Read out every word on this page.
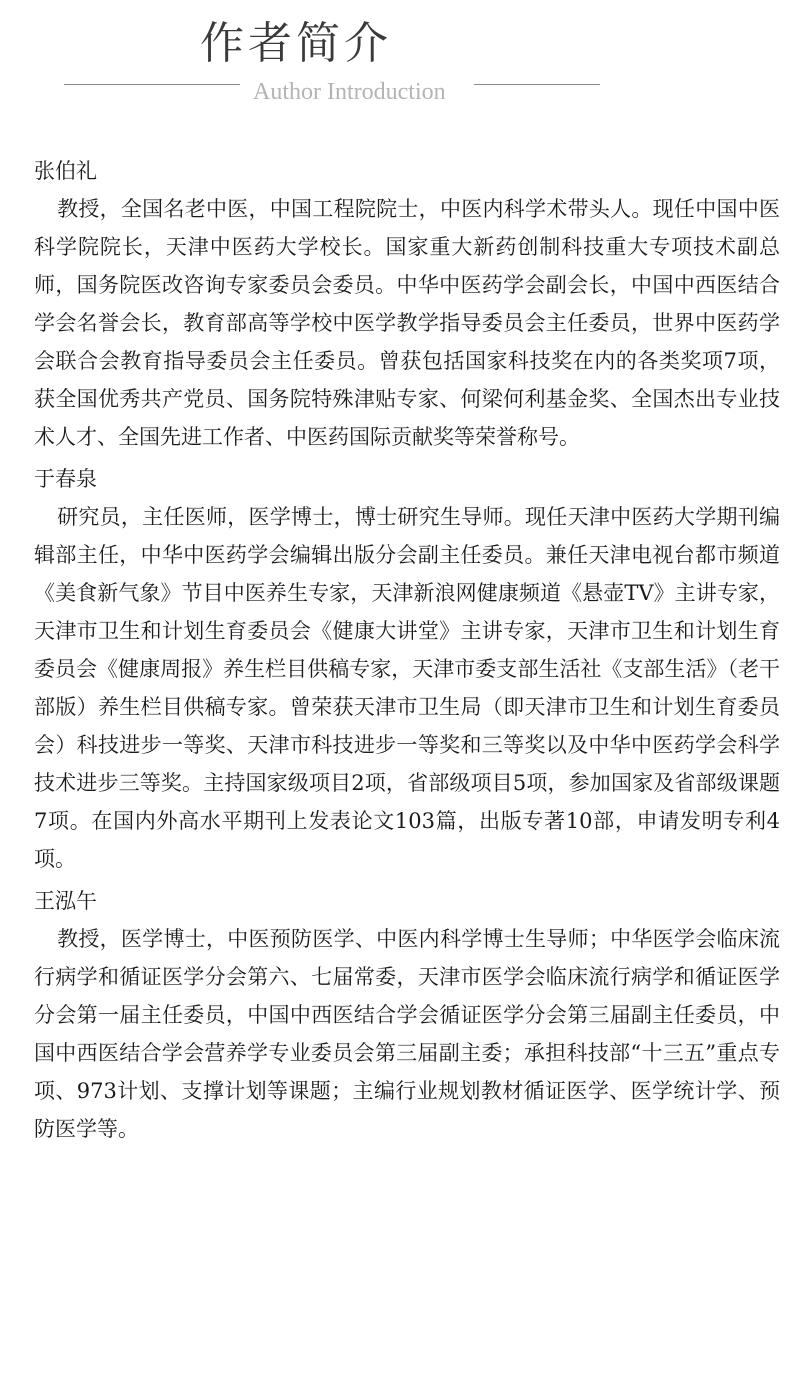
作者简介
Author Introduction
张伯礼

教授，全国名老中医，中国工程院院士，中医内科学术带头人。现任中国中医科学院院长，天津中医药大学校长。国家重大新药创制科技重大专项技术副总师，国务院医改咨询专家委员会委员。中华中医药学会副会长，中国中西医结合学会名誉会长，教育部高等学校中医学教学指导委员会主任委员，世界中医药学会联合会教育指导委员会主任委员。曾获包括国家科技奖在内的各类奖项7项，获全国优秀共产党员、国务院特殊津贴专家、何梁何利基金奖、全国杰出专业技术人才、全国先进工作者、中医药国际贡献奖等荣誉称号。

于春泉

研究员，主任医师，医学博士，博士研究生导师。现任天津中医药大学期刊编辑部主任，中华中医药学会编辑出版分会副主任委员。兼任天津电视台都市频道《美食新气象》节目中医养生专家，天津新浪网健康频道《悬壶TV》主讲专家，天津市卫生和计划生育委员会《健康大讲堂》主讲专家，天津市卫生和计划生育委员会《健康周报》养生栏目供稿专家，天津市委支部生活社《支部生活》（老干部版）养生栏目供稿专家。曾荣获天津市卫生局（即天津市卫生和计划生育委员会）科技进步一等奖、天津市科技进步一等奖和三等奖以及中华中医药学会科学技术进步三等奖。主持国家级项目2项，省部级项目5项，参加国家及省部级课题7项。在国内外高水平期刊上发表论文103篇，出版专著10部，申请发明专利4项。

王泓午

教授，医学博士，中医预防医学、中医内科学博士生导师；中华医学会临床流行病学和循证医学分会第六、七届常委，天津市医学会临床流行病学和循证医学分会第一届主任委员，中国中西医结合学会循证医学分会第三届副主任委员，中国中西医结合学会营养学专业委员会第三届副主委；承担科技部“十三五”重点专项、973计划、支撑计划等课题；主编行业规划教材循证医学、医学统计学、预防医学等。
